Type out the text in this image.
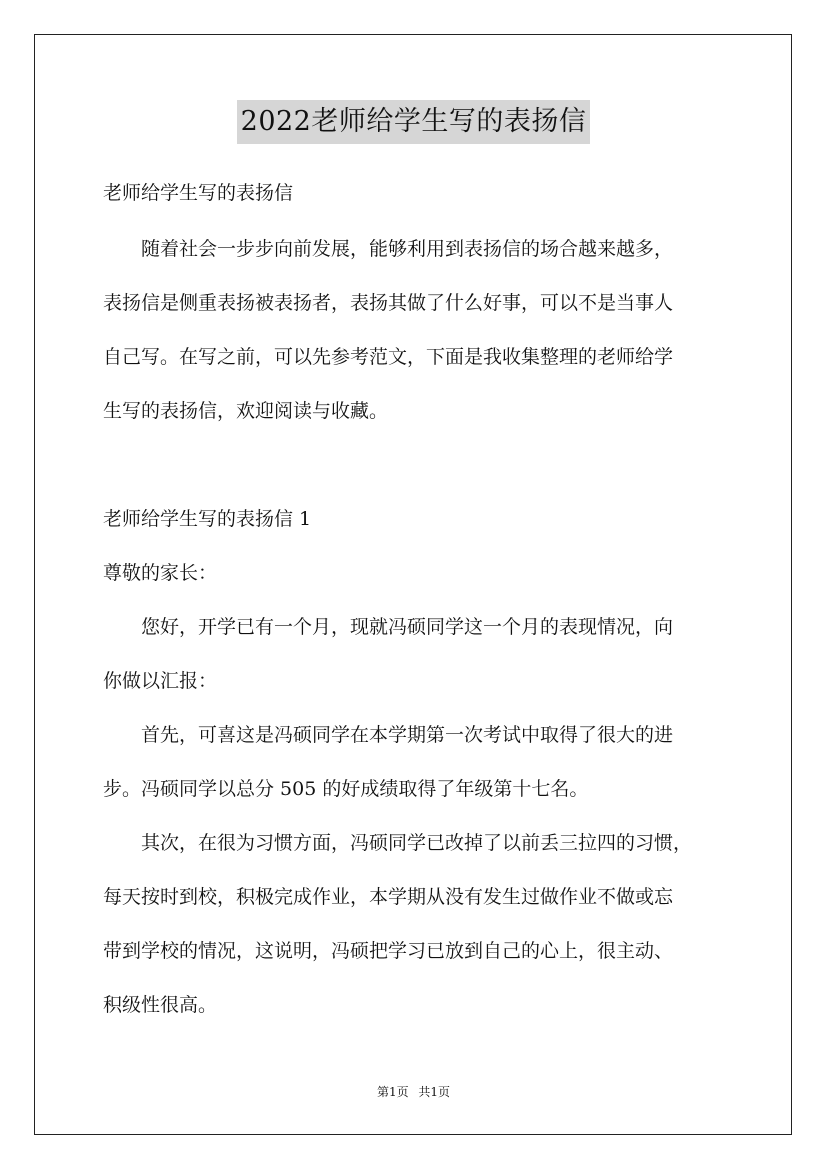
2022老师给学生写的表扬信
老师给学生写的表扬信
　　随着社会一步步向前发展，能够利用到表扬信的场合越来越多，
表扬信是侧重表扬被表扬者，表扬其做了什么好事，可以不是当事人
自己写。在写之前，可以先参考范文，下面是我收集整理的老师给学
生写的表扬信，欢迎阅读与收藏。
老师给学生写的表扬信 1
尊敬的家长：
　　您好，开学已有一个月，现就冯硕同学这一个月的表现情况，向
你做以汇报：
　　首先，可喜这是冯硕同学在本学期第一次考试中取得了很大的进
步。冯硕同学以总分 505 的好成绩取得了年级第十七名。
　　其次，在很为习惯方面，冯硕同学已改掉了以前丢三拉四的习惯，
每天按时到校，积极完成作业，本学期从没有发生过做作业不做或忘
带到学校的情况，这说明，冯硕把学习已放到自己的心上，很主动、
积级性很高。
第1页 共1页
